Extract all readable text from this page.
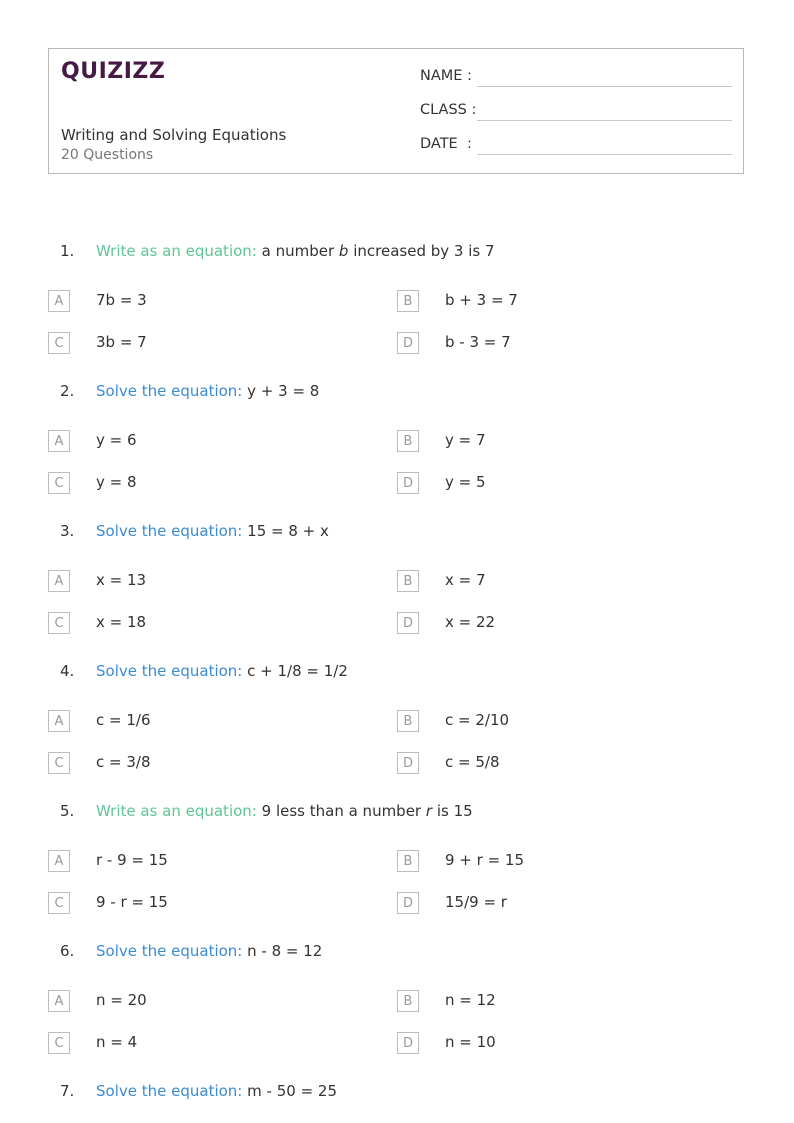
QUIZIZZ
Writing and Solving Equations
20 Questions
NAME :
CLASS :
DATE  :
1. Write as an equation: a number b increased by 3 is 7
A	7b = 3	B	b + 3 = 7
C	3b = 7	D	b - 3 = 7
2. Solve the equation: y + 3 = 8
A	y = 6	B	y = 7
C	y = 8	D	y = 5
3. Solve the equation: 15 = 8 + x
A	x = 13	B	x = 7
C	x = 18	D	x = 22
4. Solve the equation: c + 1/8 = 1/2
A	c = 1/6	B	c = 2/10
C	c = 3/8	D	c = 5/8
5. Write as an equation: 9 less than a number r is 15
A	r - 9 = 15	B	9 + r = 15
C	9 - r = 15	D	15/9 = r
6. Solve the equation: n - 8 = 12
A	n = 20	B	n = 12
C	n = 4	D	n = 10
7. Solve the equation: m - 50 = 25
